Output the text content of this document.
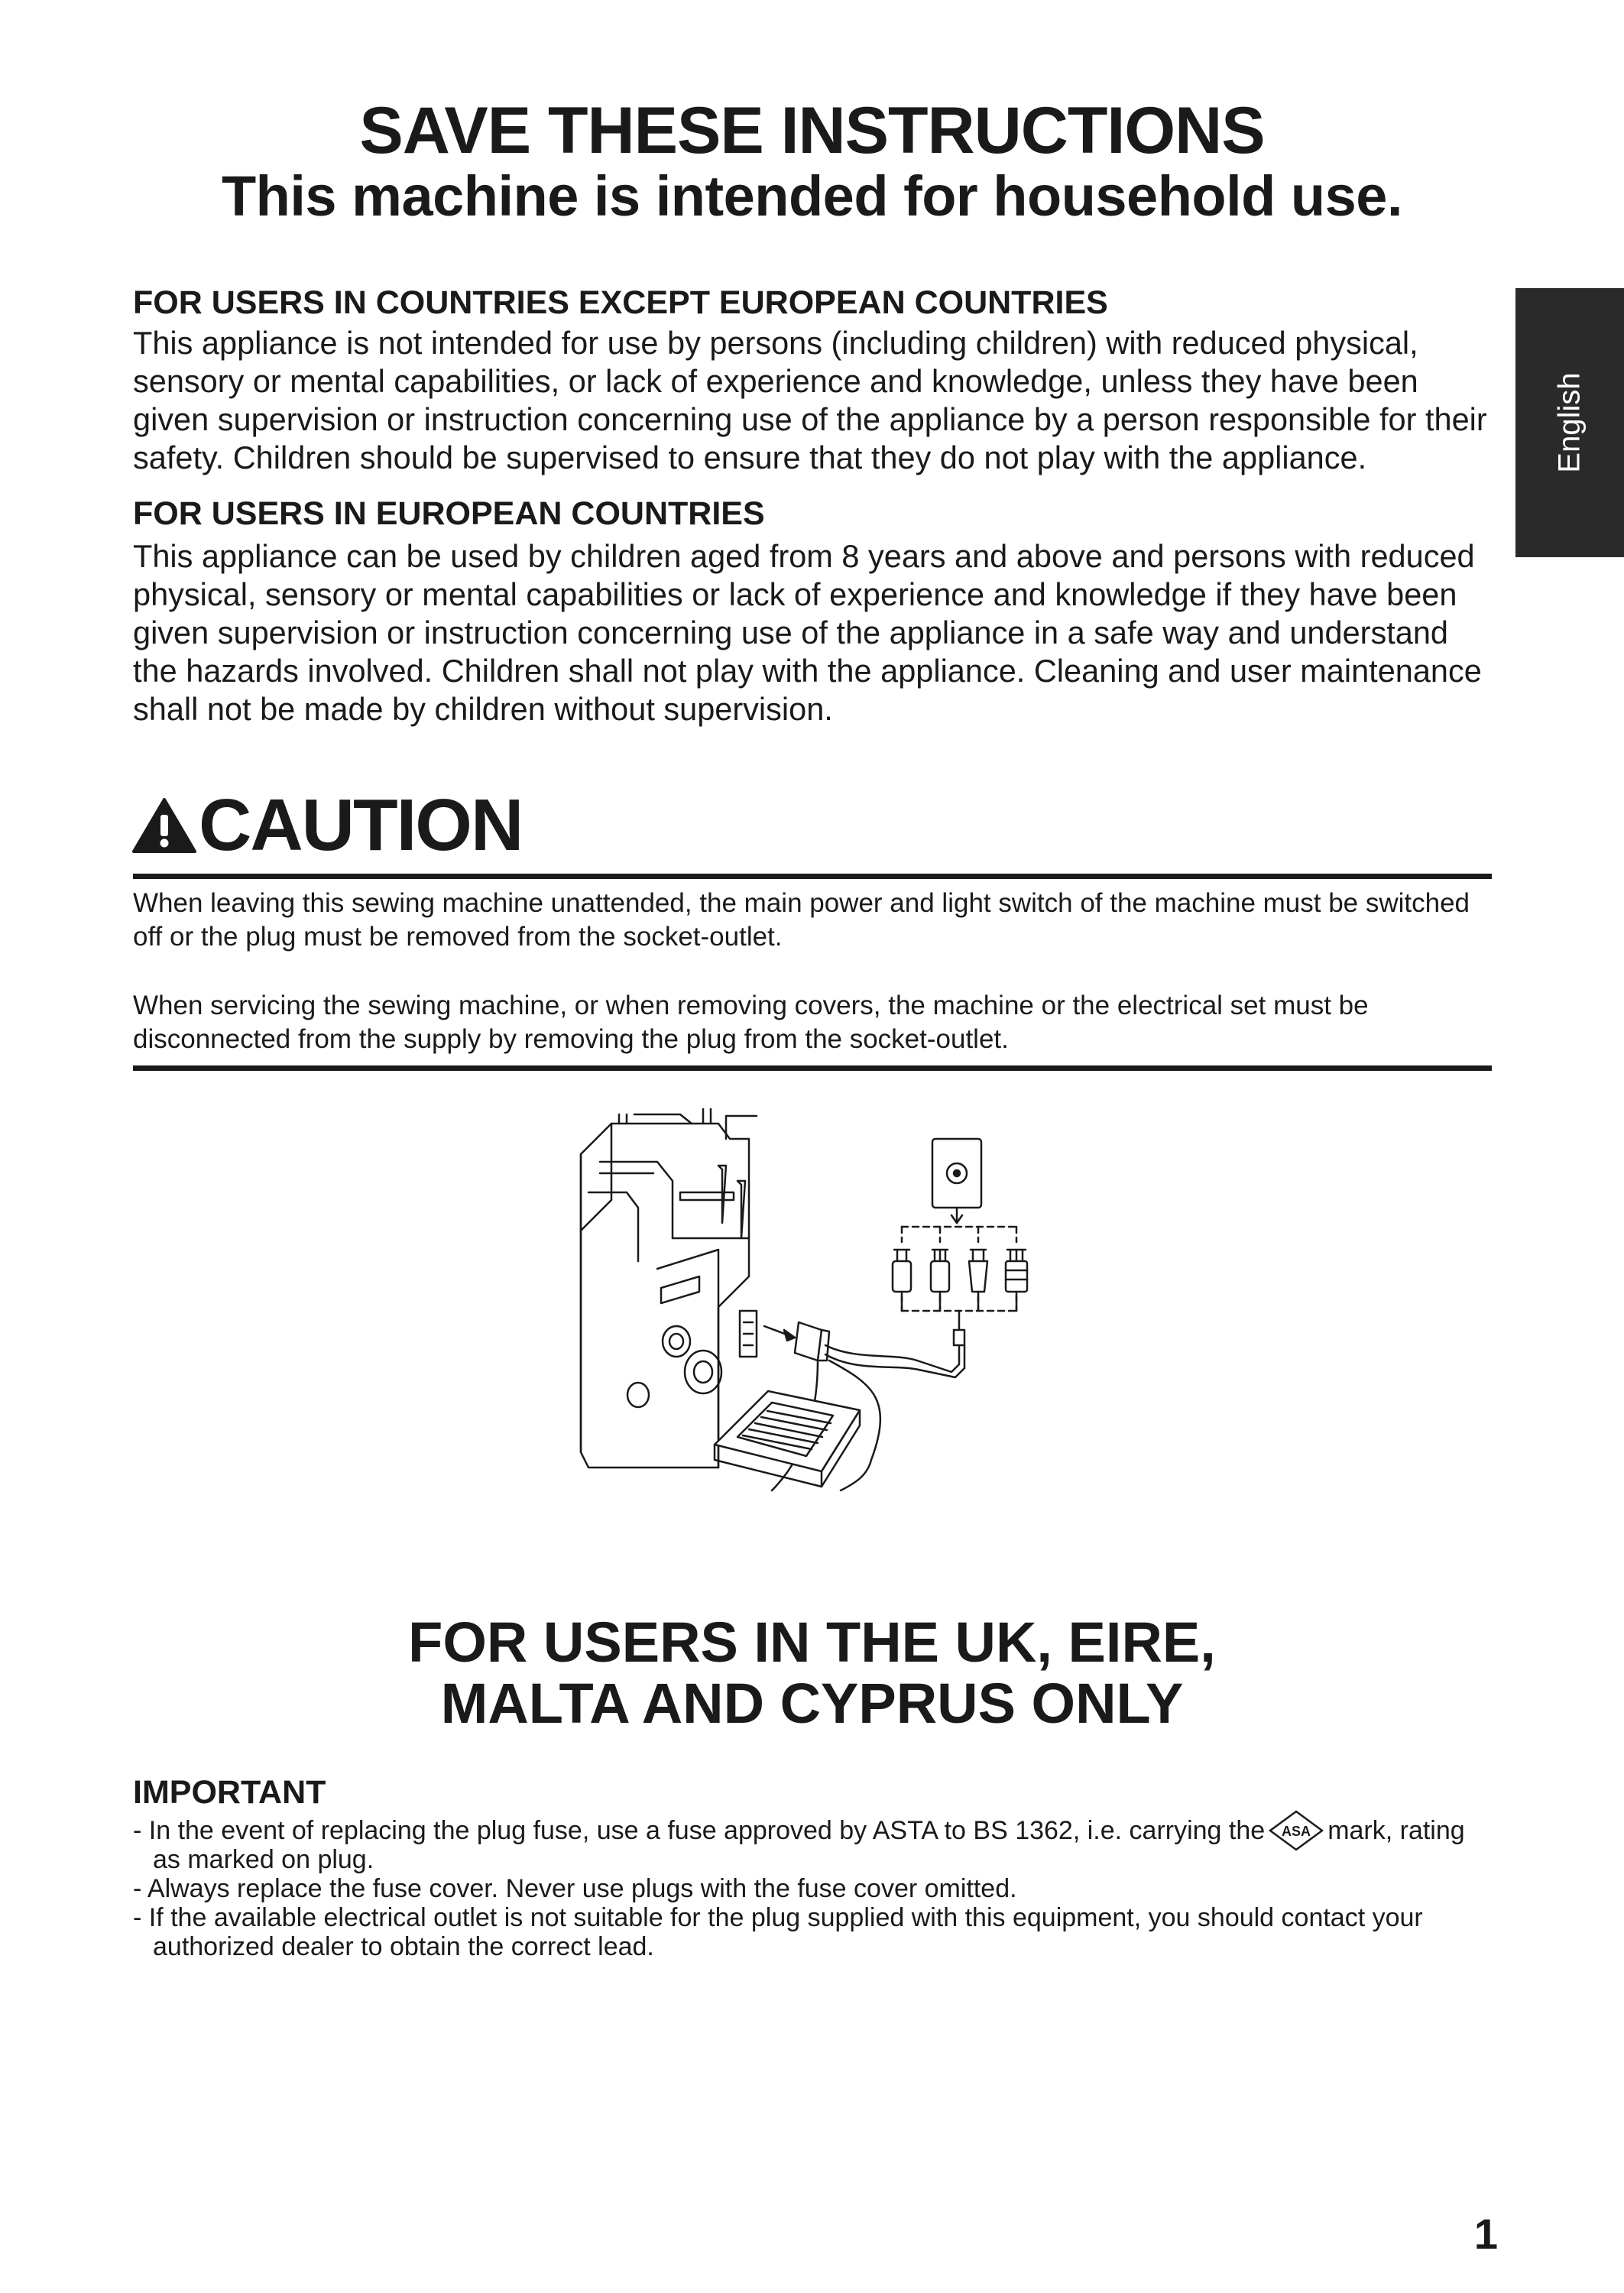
SAVE THESE INSTRUCTIONS
This machine is intended for household use.
English
FOR USERS IN COUNTRIES EXCEPT EUROPEAN COUNTRIES

This appliance is not intended for use by persons (including children) with reduced physical, sensory or mental capabilities, or lack of experience and knowledge, unless they have been given supervision or instruction concerning use of the appliance by a person responsible for their safety. Children should be supervised to ensure that they do not play with the appliance.

FOR USERS IN EUROPEAN COUNTRIES

This appliance can be used by children aged from 8 years and above and persons with reduced physical, sensory or mental capabilities or lack of experience and knowledge if they have been given supervision or instruction concerning use of the appliance in a safe way and understand the hazards involved. Children shall not play with the appliance. Cleaning and user maintenance shall not be made by children without supervision.

CAUTION

When leaving this sewing machine unattended, the main power and light switch of the machine must be switched off or the plug must be removed from the socket-outlet.

When servicing the sewing machine, or when removing covers, the machine or the electrical set must be disconnected from the supply by removing the plug from the socket-outlet.

FOR USERS IN THE UK, EIRE,
MALTA AND CYPRUS ONLY
IMPORTANT
- In the event of replacing the plug fuse, use a fuse approved by ASTA to BS 1362, i.e. carrying the ASA mark, rating as marked on plug.
- Always replace the fuse cover. Never use plugs with the fuse cover omitted.
- If the available electrical outlet is not suitable for the plug supplied with this equipment, you should contact your authorized dealer to obtain the correct lead.
1
